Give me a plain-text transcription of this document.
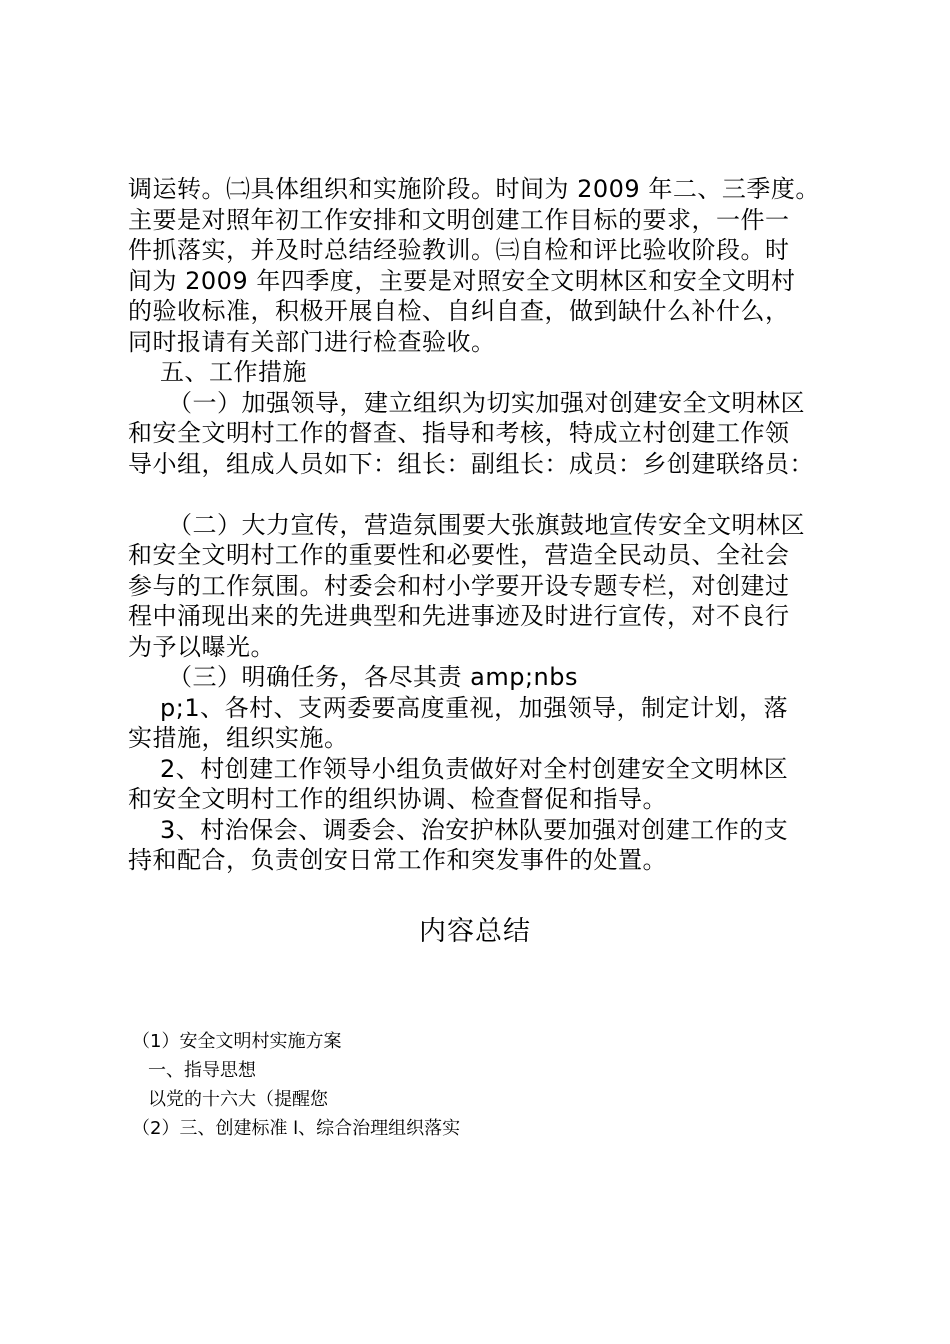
调运转。㈡具体组织和实施阶段。时间为 2009 年二、三季度。
主要是对照年初工作安排和文明创建工作目标的要求，一件一
件抓落实，并及时总结经验教训。㈢自检和评比验收阶段。时
间为 2009 年四季度，主要是对照安全文明林区和安全文明村
的验收标准，积极开展自检、自纠自查，做到缺什么补什么，
同时报请有关部门进行检查验收。
五、工作措施
（一）加强领导，建立组织为切实加强对创建安全文明林区
和安全文明村工作的督查、指导和考核，特成立村创建工作领
导小组，组成人员如下：组长：副组长：成员：乡创建联络员：
（二）大力宣传，营造氛围要大张旗鼓地宣传安全文明林区
和安全文明村工作的重要性和必要性，营造全民动员、全社会
参与的工作氛围。村委会和村小学要开设专题专栏，对创建过
程中涌现出来的先进典型和先进事迹及时进行宣传，对不良行
为予以曝光。
（三）明确任务，各尽其责 amp;nbs
p;1、各村、支两委要高度重视，加强领导，制定计划，落
实措施，组织实施。
2、村创建工作领导小组负责做好对全村创建安全文明林区
和安全文明村工作的组织协调、检查督促和指导。
3、村治保会、调委会、治安护林队要加强对创建工作的支
持和配合，负责创安日常工作和突发事件的处置。
内容总结
（1）安全文明村实施方案
一、指导思想
以党的十六大（提醒您
（2）三、创建标准 l、综合治理组织落实
